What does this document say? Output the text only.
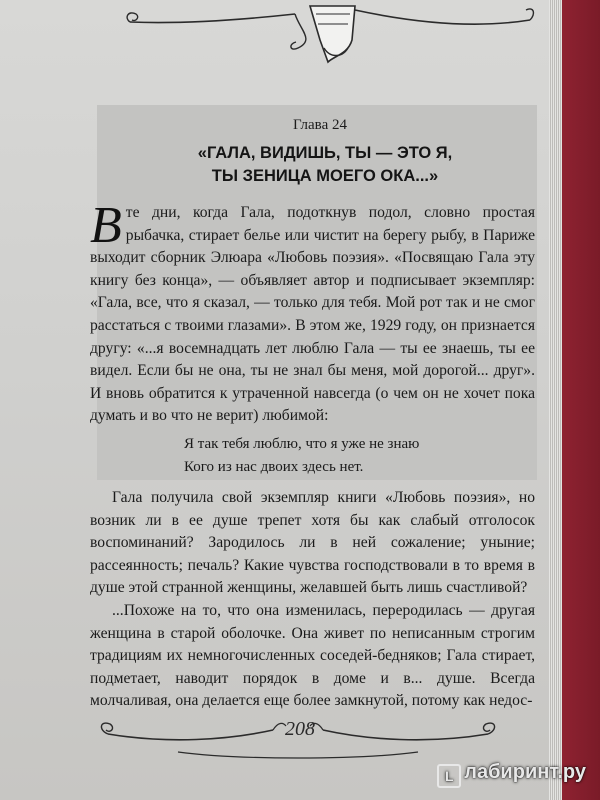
Глава 24
«ГАЛА, ВИДИШЬ, ТЫ — ЭТО Я,
ТЫ ЗЕНИЦА МОЕГО ОКА...»

Вте дни, когда Гала, подоткнув подол, словно простая рыбачка, стирает белье или чистит на берегу рыбу, в Париже выходит сборник Элюара «Любовь поэзия». «Посвящаю Гала эту книгу без конца», — объявляет автор и подписывает экземпляр: «Гала, все, что я сказал, — только для тебя. Мой рот так и не смог расстаться с твоими глазами». В этом же, 1929 году, он признается другу: «...я восемнадцать лет люблю Гала — ты ее знаешь, ты ее видел. Если бы не она, ты не знал бы меня, мой дорогой... друг». И вновь обратится к утраченной навсегда (о чем он не хочет пока думать и во что не верит) любимой:

Я так тебя люблю, что я уже не знаю
Кого из нас двоих здесь нет.

Гала получила свой экземпляр книги «Любовь поэзия», но возник ли в ее душе трепет хотя бы как слабый отголосок воспоминаний? Зародилось ли в ней сожаление; уныние; рассеянность; печаль? Какие чувства господствовали в то время в душе этой странной женщины, желавшей быть лишь счастливой?

...Похоже на то, что она изменилась, переродилась — другая женщина в старой оболочке. Она живет по неписанным строгим традициям их немногочисленных соседей-бедняков; Гала стирает, подметает, наводит порядок в доме и в... душе. Всегда молчаливая, она делается еще более замкнутой, потому как недос-

208
L лабиринт.ру
